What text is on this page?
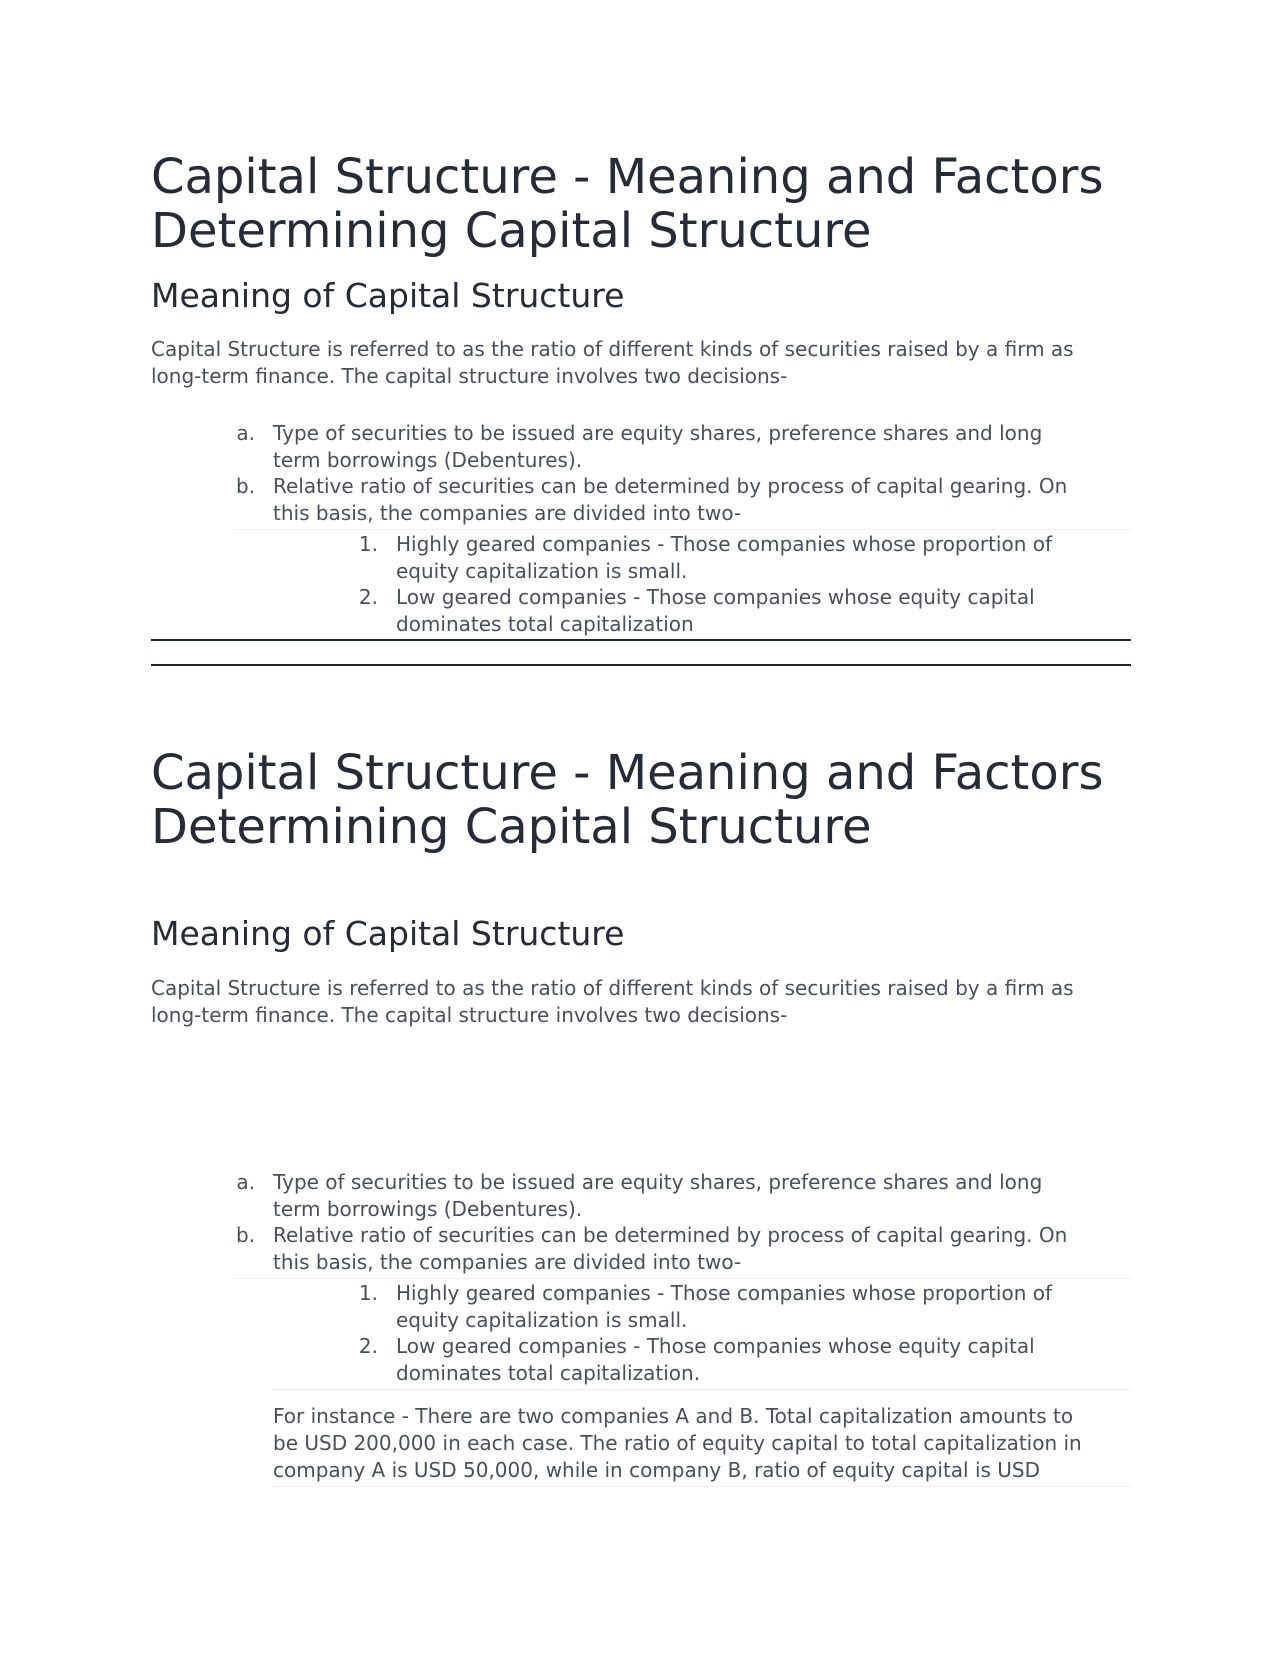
Capital Structure - Meaning and Factors
Determining Capital Structure
Meaning of Capital Structure

Capital Structure is referred to as the ratio of different kinds of securities raised by a firm as
long-term finance. The capital structure involves two decisions-

a. Type of securities to be issued are equity shares, preference shares and long
term borrowings (Debentures).
b. Relative ratio of securities can be determined by process of capital gearing. On
this basis, the companies are divided into two-
1. Highly geared companies - Those companies whose proportion of
equity capitalization is small.
2. Low geared companies - Those companies whose equity capital
dominates total capitalization
Capital Structure - Meaning and Factors
Determining Capital Structure
Meaning of Capital Structure

Capital Structure is referred to as the ratio of different kinds of securities raised by a firm as
long-term finance. The capital structure involves two decisions-

a. Type of securities to be issued are equity shares, preference shares and long
term borrowings (Debentures).
b. Relative ratio of securities can be determined by process of capital gearing. On
this basis, the companies are divided into two-
1. Highly geared companies - Those companies whose proportion of
equity capitalization is small.
2. Low geared companies - Those companies whose equity capital
dominates total capitalization.

For instance - There are two companies A and B. Total capitalization amounts to
be USD 200,000 in each case. The ratio of equity capital to total capitalization in
company A is USD 50,000, while in company B, ratio of equity capital is USD
